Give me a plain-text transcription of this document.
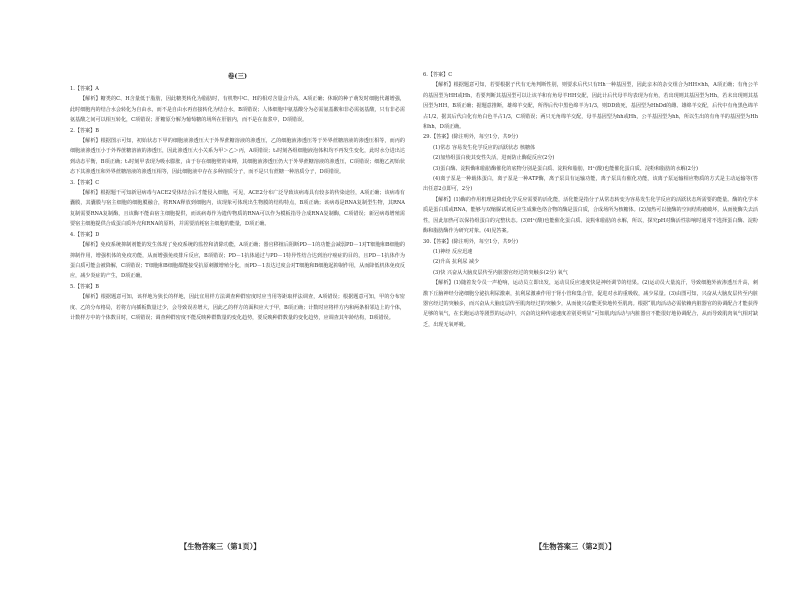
卷(三)
1.【答案】A
【解析】糖类的C、H含量低于脂肪，因此糖类转化为脂肪时，有机物中C、H的相对含量会升高，A项正确；休眠的种子萌发时细胞代谢增强，此时细胞内的结合水会转化为自由水，而不是自由水再直接转化为结合水，B项错误；人体细胞中氨基酸分为必需氨基酸和非必需氨基酸，只有非必需氨基酸之间可以相互转化，C项错误；肝糖原分解为葡萄糖的场所在肝脏内，而不是在血浆中，D项错误。
2.【答案】B
【解析】根据图示可知，初始状态下甲的细胞液渗透压大于外界蔗糖溶液的渗透压，乙的细胞液渗透压等于外界蔗糖溶液的渗透压相等，而丙的细胞液渗透压小于外界蔗糖溶液的渗透压，因此渗透压大小关系为甲＞乙＞丙，A项错误；t₁时刻各组细胞液泡体积均不再发生变化，此时水分进出达到动态平衡，B项正确；t₁时刻甲表现为吸水膨胀，由于存在细胞壁的束缚，其细胞液渗透压仍大于外界蔗糖溶液的渗透压，C项错误；细胞乙初始状态下其渗透压和外界蔗糖溶液的渗透压相等，因此细胞液中存在多种溶质分子，而不是只有蔗糖一种溶质分子，D项错误。
3.【答案】C
【解析】根据题干可知新冠病毒与ACE2受体结合后才能侵入细胞，可见，ACE2分布广泛导致该病毒具有较多的传染途径，A项正确；该病毒有囊膜，其囊膜与宿主细胞的细胞膜融合，将RNA释放到细胞内，该现象可体现出生物膜的结构特点，B项正确；该病毒是RNA复制型生物，其RNA复制需要RNA复制酶，且该酶不能由宿主细胞提供，而该病毒作为遗传物质的RNA可以作为模板指导合成RNA复制酶，C项错误；新冠病毒增殖需要宿主细胞提供合成蛋白质外壳和RNA的原料，并需要消耗宿主细胞的能量，D项正确。
4.【答案】D
【解析】免疫系统抑制剂能的发生体现了免疫系统的监控和清除功能，A项正确；器官移植后阻断PD－1的功能会减弱PD－1对T细胞和B细胞的抑制作用，增强机体的免疫功能，从而增强免疫排斥反应，B项错误；PD－1抗体通过与PD－1特异性结合达到治疗癌症的目的，且PD－1抗体作为蛋白质可能会被降解，C项错误；T细胞和B细胞都能接受抗原刺激增殖分化，而PD－1表达过度会对T细胞和B细胞起抑制作用，从而降低机体免疫反应，减少炎症的产生，D项正确。
5.【答案】B
【解析】根据题意可知，该样地为狭长的样地，因此宜用样方法调查种群密度时应当用等距取样法调查，A项错误；根据题意可知，甲的分布密度、乙的分布格局，若将方向插板数量过少，会导致误差增大，因此乙的样方的面积应大于甲，B项正确；计数时应将样方内和两条相邻边上的个体，计数样方中的个体数目时，C项错误；调查种群密度不能反映种群数量的变化趋势，要反映种群数量的变化趋势，应调查其年龄结构，D项错误。
6.【答案】C
【解析】根据题意可知，若要根据子代有无角判断性别，则要求后代只有Hh一种基因型，因此亲本的杂交组合为HH×hh，A项正确；有角公羊的基因型为HH或Hh，若要判断其基因型可以让该羊和有角母羊HH交配，因此计后代母羊均表现为有角，若出现则其基因型为Hh，若未出现则其基因型为HH，B项正确；据题意推断，雄绵羊交配，所得后代中黑色绵羊为1/3，则DD致死，基因型为HhDd的雌、雄绵羊交配，后代中有角黑色绵羊占1/2，据其后代白化有角白色羊占1/3，C项错误；两只无角绵羊交配，母羊基因型为hh或Hh，公羊基因型为hh，所以生出的有角羊的基因型为Hh和hh，D项正确。
29.【答案】(除注明外，每空1分，共9分)
(1)常态 容易发生化学反应的活跃状态 核糖体
(2)加热组蛋白使其变性失活，进而防止酶促反应(2分)
(3)蛋白酶、淀粉酶和脂肪酶催化的底物分别是蛋白质、淀粉和脂肪，H⁺(酸)也能催化蛋白质、淀粉和脂肪的水解(2分)
(4)离子泵是一种载体蛋白，离子泵是一种ATP酶，离子泵具有运输功能，离子泵具有催化功能，该离子泵运输相应物质的方式是主动运输等(答出任意2点即可，2分)
【解析】(1)酶的作用机理是降低化学反应需要的活化能，活化能是指分子从常态转变为容易发生化学反应的活跃状态所需要的能量。酶的化学本质是蛋白质或RNA，能够与双缩脲试剂反应生成紫色络合物的酶是蛋白质，合成场所为核糖体。(2)加热可以使酶的空间结构被破坏，从而使酶失去活性，因此加热可以保持组蛋白的完整状态。(3)H⁺(酸)也能催化蛋白质、淀粉和脂肪的水解，所以，探究pH对酶活性影响时通常不选择蛋白酶、淀粉酶和脂肪酶作为研究对象。(4)见答案。
30.【答案】(除注明外，每空1分，共9分)
(1)神经 反应迅速
(2)升高 抗利尿 减少
(3)快 兴奋从大脑皮层传至内脏器官经过的突触多(2分) 氧气
【解析】(1)随着发令员一声枪响，运动员立即出发，运动员反应速度快是神经调节的结果。(2)运动员大量流汗，导致细胞外液渗透压升高，刺激下丘脑神经分泌细胞分泌抗利尿激素，抗利尿激素作用于肾小管和集合管，促进对水的重吸收，减少尿量。(3)由图可知，兴奋从大脑皮层传至内脏器官经过的突触多，而兴奋从大脑皮层传至肌肉经过的突触少，从而使兴奋能更快地传至肌肉。根据“肌肉活动必需依赖内脏器官的协调配合才能获得足够的氧气，在长跑运动等剧烈的运动中，兴奋的这种传递速度差别更明显”可知肌肉活动与内脏器官不能很好地协调配合，从而导致肌肉氧气相对缺乏，出现无氧呼吸。
【生物答案三（第1页）】	【生物答案三（第2页）】
